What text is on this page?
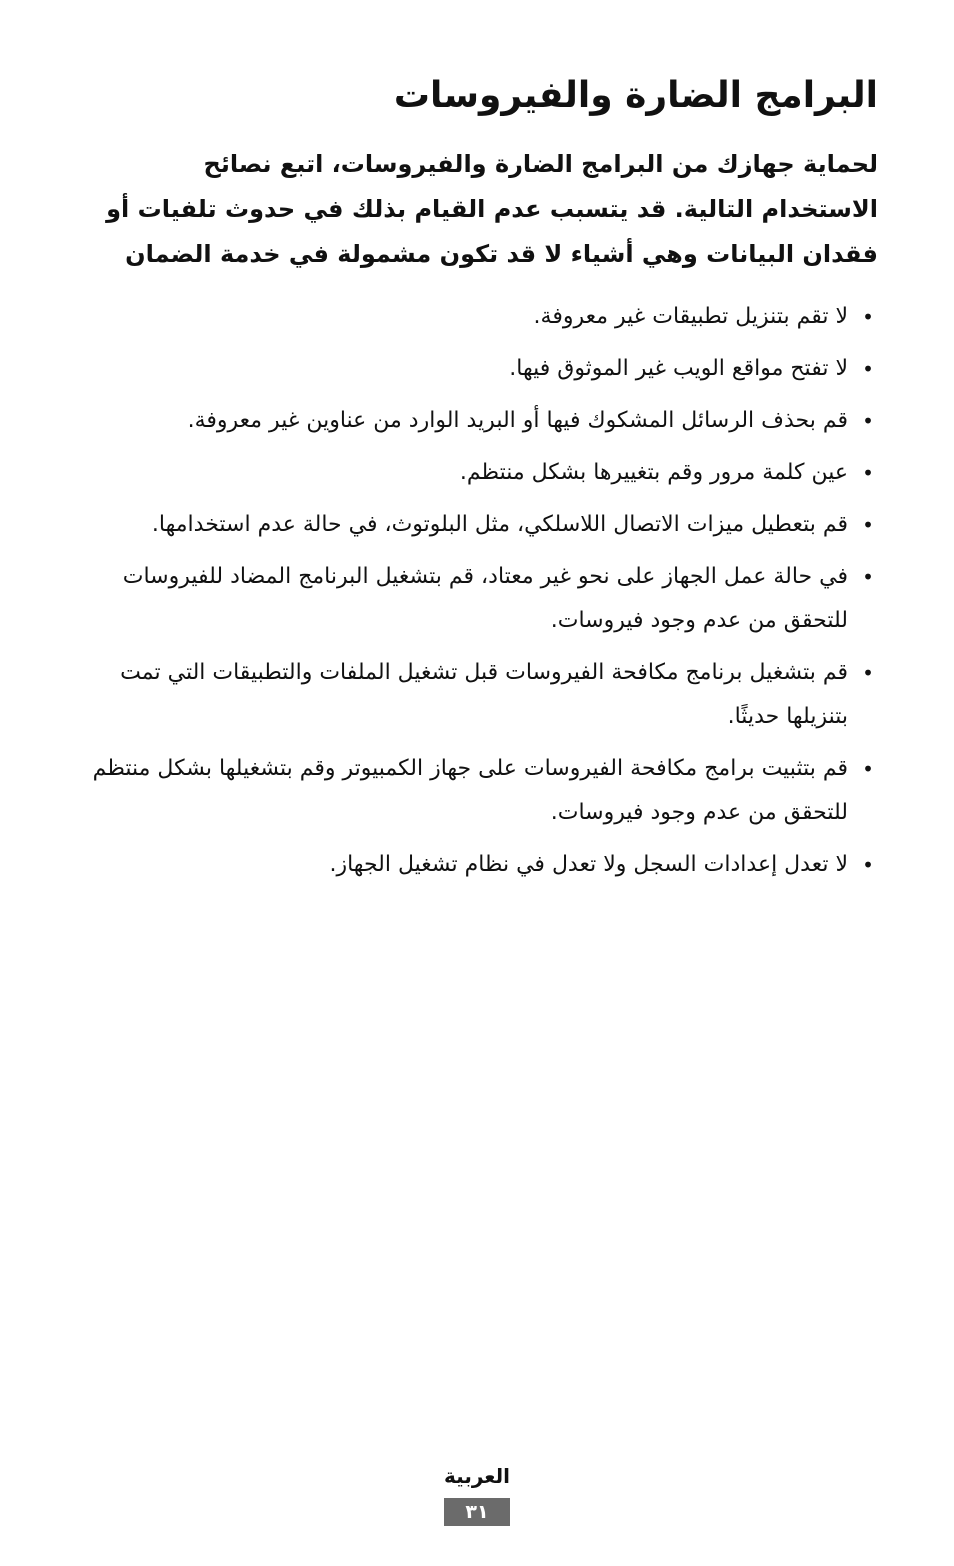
البرامج الضارة والفيروسات

لحماية جهازك من البرامج الضارة والفيروسات، اتبع نصائح الاستخدام التالية. قد يتسبب عدم القيام بذلك في حدوث تلفيات أو فقدان البيانات وهي أشياء لا قد تكون مشمولة في خدمة الضمان

•
لا تقم بتنزيل تطبيقات غير معروفة.
•
لا تفتح مواقع الويب غير الموثوق فيها.
•
قم بحذف الرسائل المشكوك فيها أو البريد الوارد من عناوين غير معروفة.
•
عين كلمة مرور وقم بتغييرها بشكل منتظم.
•
قم بتعطيل ميزات الاتصال اللاسلكي، مثل البلوتوث، في حالة عدم استخدامها.
•
في حالة عمل الجهاز على نحو غير معتاد، قم بتشغيل البرنامج المضاد للفيروسات للتحقق من عدم وجود فيروسات.
•
قم بتشغيل برنامج مكافحة الفيروسات قبل تشغيل الملفات والتطبيقات التي تمت بتنزيلها حديثًا.
•
قم بتثبيت برامج مكافحة الفيروسات على جهاز الكمبيوتر وقم بتشغيلها بشكل منتظم للتحقق من عدم وجود فيروسات.
•
لا تعدل إعدادات السجل ولا تعدل في نظام تشغيل الجهاز.
العربية
٣١
